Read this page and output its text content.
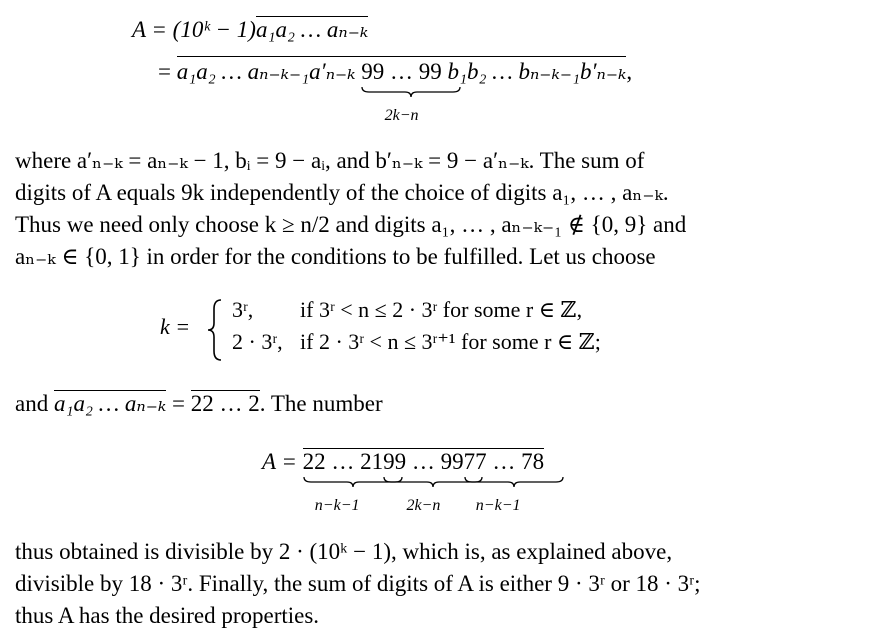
A = (10ᵏ − 1)a₁a₂ … aₙ₋ₖ
= a₁a₂ … aₙ₋ₖ₋₁a′ₙ₋ₖ 99 … 99
2k−n
b₁b₂ … bₙ₋ₖ₋₁b′ₙ₋ₖ,
where a′ₙ₋ₖ = aₙ₋ₖ − 1, bᵢ = 9 − aᵢ, and b′ₙ₋ₖ = 9 − a′ₙ₋ₖ. The sum of
digits of A equals 9k independently of the choice of digits a₁, … , aₙ₋ₖ.
Thus we need only choose k ≥ n/2 and digits a₁, … , aₙ₋ₖ₋₁ ∉ {0, 9} and
aₙ₋ₖ ∈ {0, 1} in order for the conditions to be fulfilled. Let us choose
k =
3ʳ, if 3ʳ < n ≤ 2 · 3ʳ for some r ∈ ℤ,
2 · 3ʳ, if 2 · 3ʳ < n ≤ 3ʳ⁺¹ for some r ∈ ℤ;
and a₁a₂ … aₙ₋ₖ = 22 … 2. The number
A = 22 … 2
n−k−1
199 … 99
2k−n
77 … 7
n−k−1
8
thus obtained is divisible by 2 · (10ᵏ − 1), which is, as explained above,
divisible by 18 · 3ʳ. Finally, the sum of digits of A is either 9 · 3ʳ or 18 · 3ʳ;
thus A has the desired properties.
